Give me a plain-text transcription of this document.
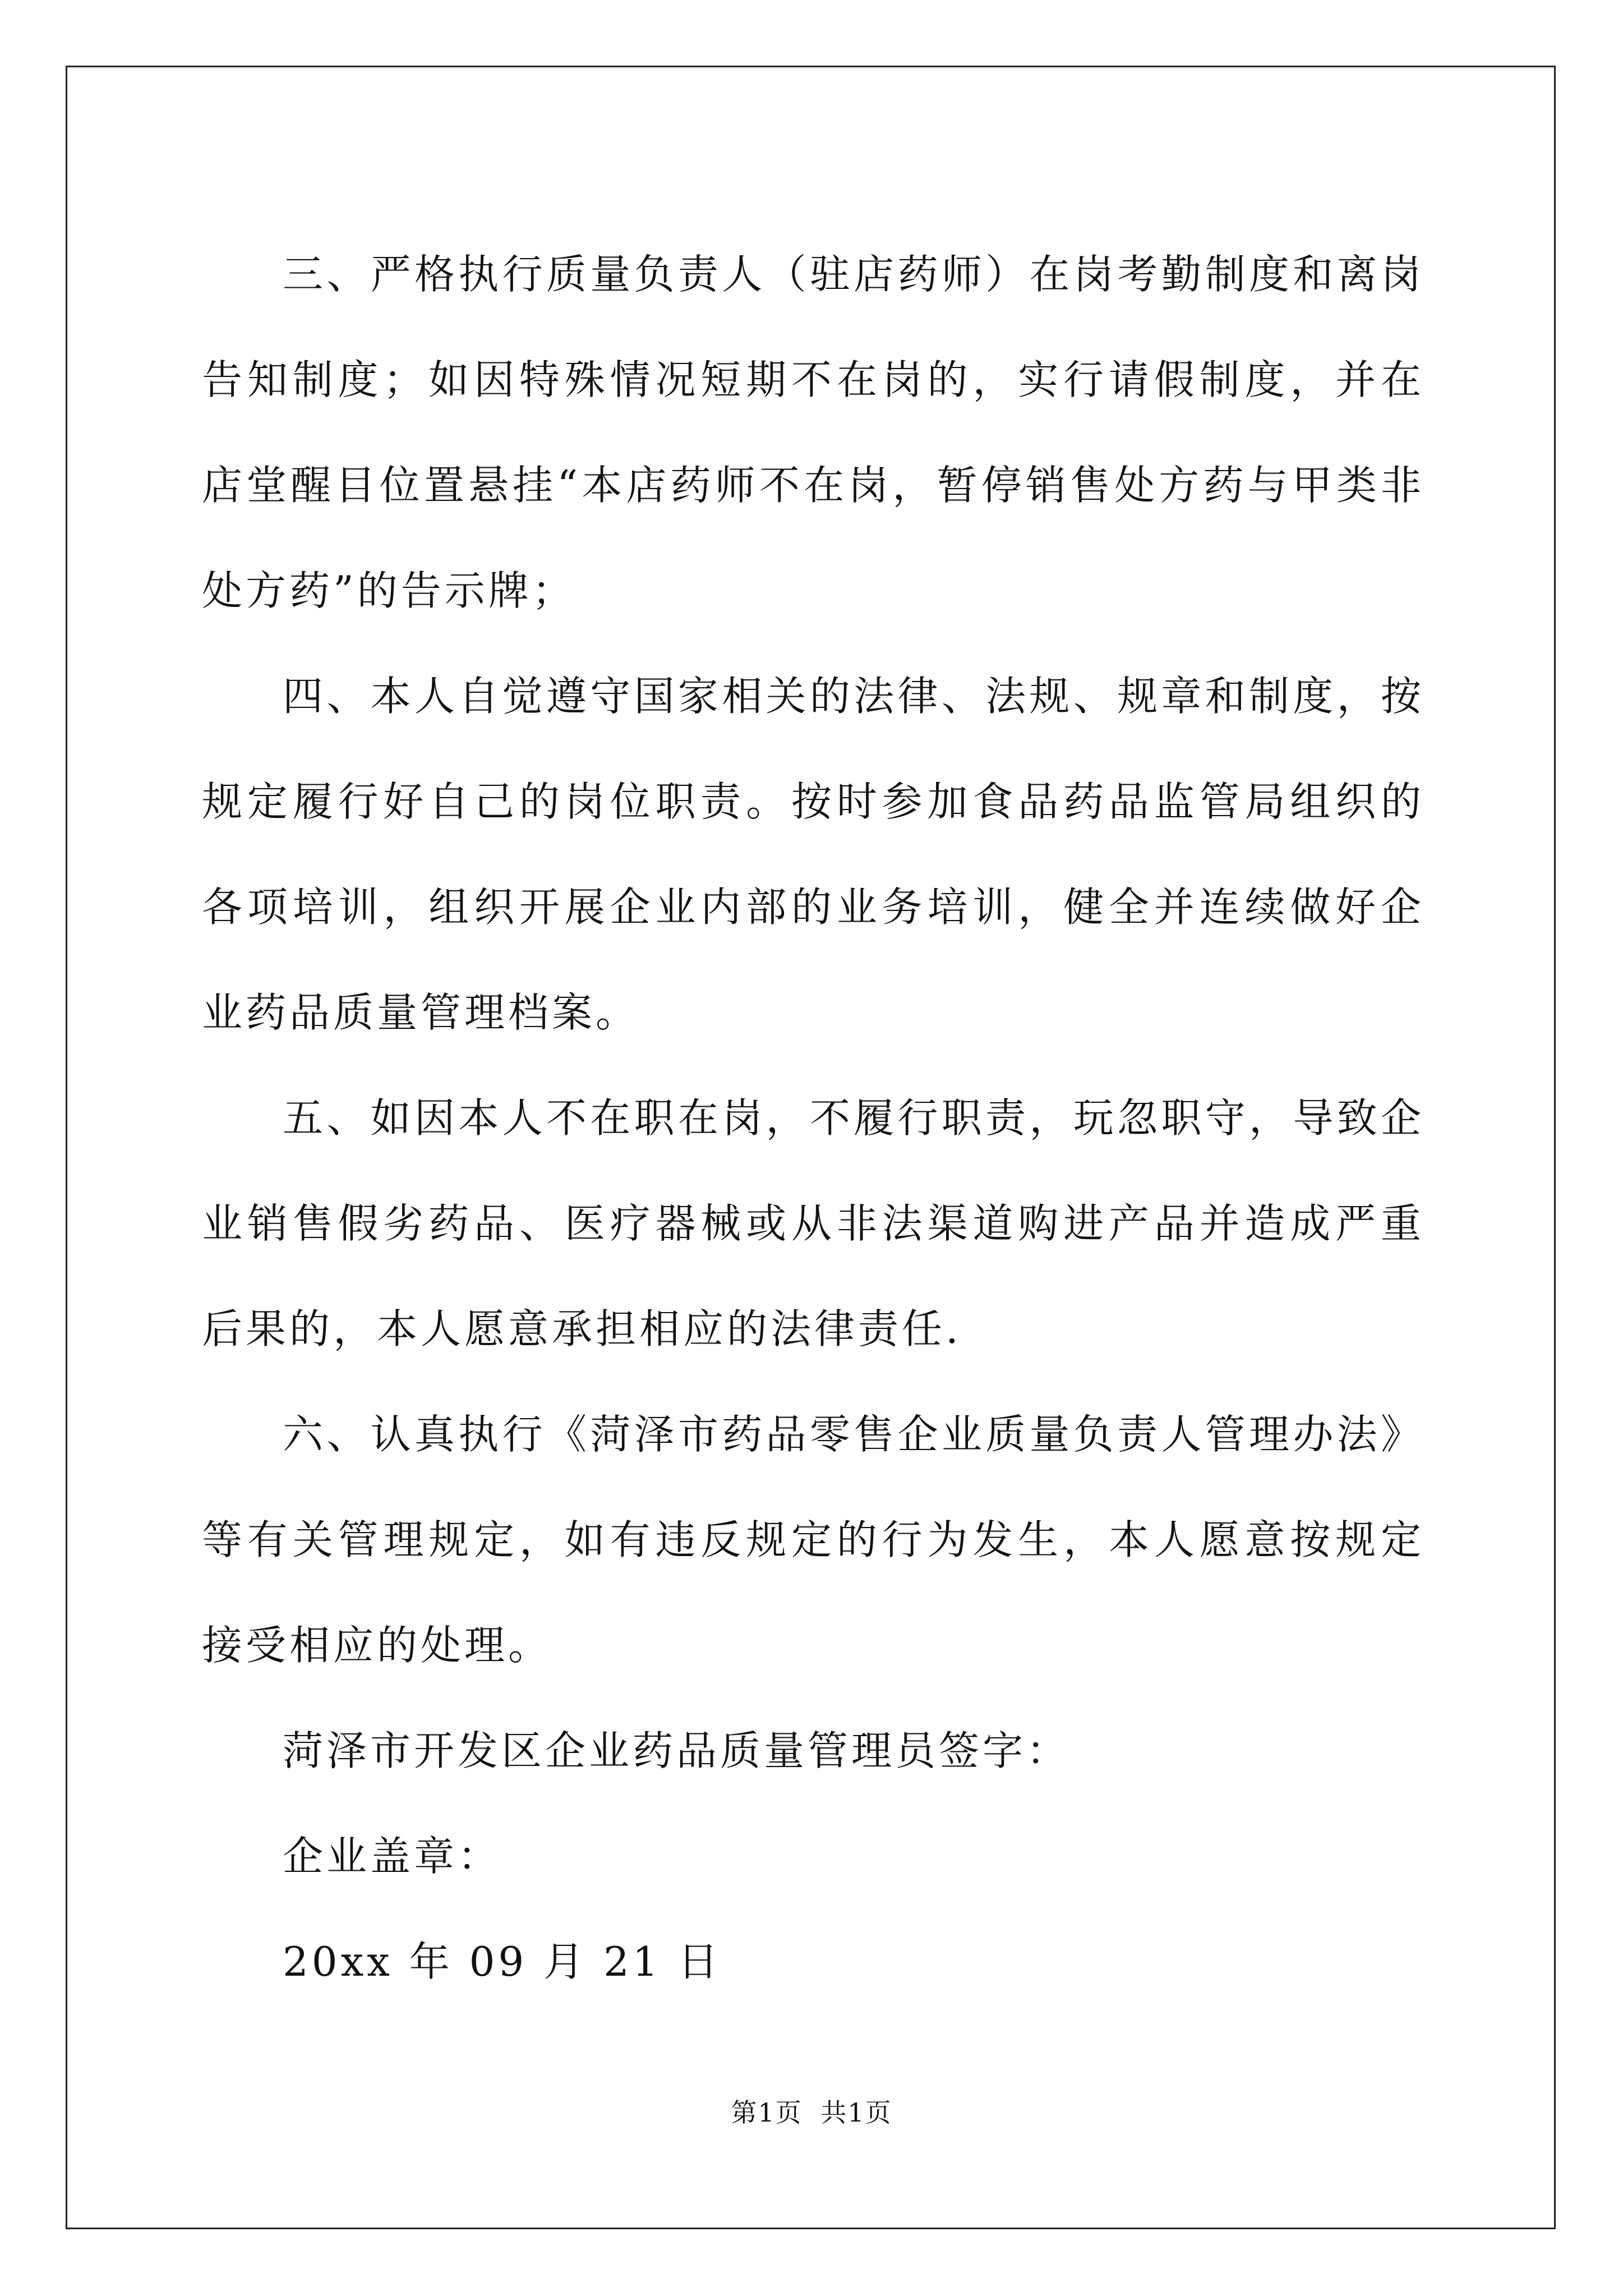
三、严格执行质量负责人（驻店药师）在岗考勤制度和离岗告知制度；如因特殊情况短期不在岗的，实行请假制度，并在店堂醒目位置悬挂“本店药师不在岗，暂停销售处方药与甲类非处方药”的告示牌；

四、本人自觉遵守国家相关的法律、法规、规章和制度，按规定履行好自己的岗位职责。按时参加食品药品监管局组织的各项培训，组织开展企业内部的业务培训，健全并连续做好企业药品质量管理档案。

五、如因本人不在职在岗，不履行职责，玩忽职守，导致企业销售假劣药品、医疗器械或从非法渠道购进产品并造成严重后果的，本人愿意承担相应的法律责任.

六、认真执行《菏泽市药品零售企业质量负责人管理办法》等有关管理规定，如有违反规定的行为发生，本人愿意按规定接受相应的处理。

菏泽市开发区企业药品质量管理员签字：

企业盖章：

20xx 年 09 月 21 日

第1页 共1页
